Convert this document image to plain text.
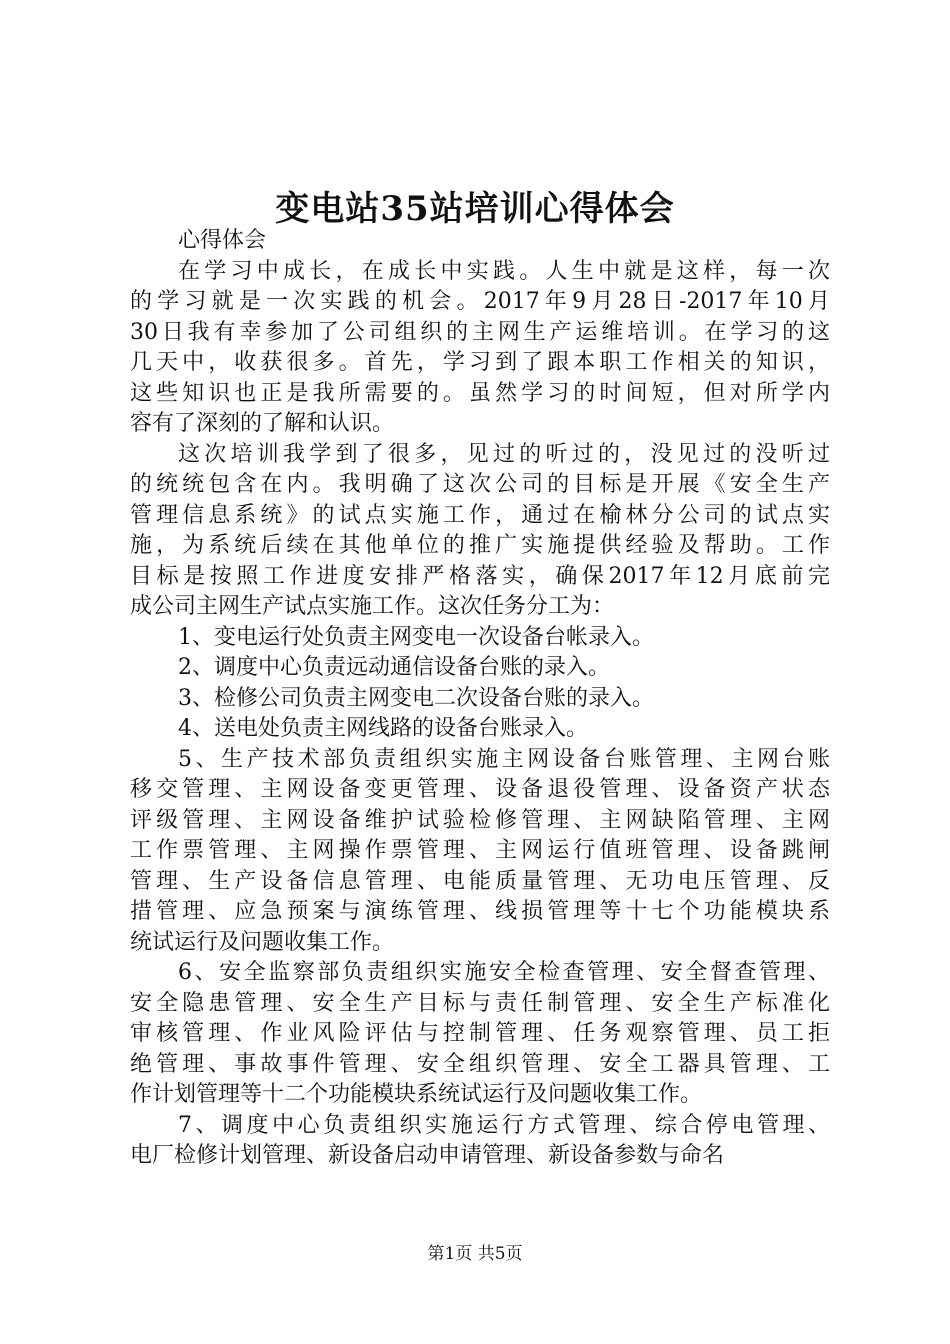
变电站35站培训心得体会
心得体会
在学习中成长，在成长中实践。人生中就是这样，每一次
的学习就是一次实践的机会。2017年9月28日-2017年10月
30日我有幸参加了公司组织的主网生产运维培训。在学习的这
几天中，收获很多。首先，学习到了跟本职工作相关的知识，
这些知识也正是我所需要的。虽然学习的时间短，但对所学内
容有了深刻的了解和认识。
这次培训我学到了很多，见过的听过的，没见过的没听过
的统统包含在内。我明确了这次公司的目标是开展《安全生产
管理信息系统》的试点实施工作，通过在榆林分公司的试点实
施，为系统后续在其他单位的推广实施提供经验及帮助。工作
目标是按照工作进度安排严格落实，确保2017年12月底前完
成公司主网生产试点实施工作。这次任务分工为：
1、变电运行处负责主网变电一次设备台帐录入。
2、调度中心负责远动通信设备台账的录入。
3、检修公司负责主网变电二次设备台账的录入。
4、送电处负责主网线路的设备台账录入。
5、生产技术部负责组织实施主网设备台账管理、主网台账
移交管理、主网设备变更管理、设备退役管理、设备资产状态
评级管理、主网设备维护试验检修管理、主网缺陷管理、主网
工作票管理、主网操作票管理、主网运行值班管理、设备跳闸
管理、生产设备信息管理、电能质量管理、无功电压管理、反
措管理、应急预案与演练管理、线损管理等十七个功能模块系
统试运行及问题收集工作。
6、安全监察部负责组织实施安全检查管理、安全督查管理、
安全隐患管理、安全生产目标与责任制管理、安全生产标准化
审核管理、作业风险评估与控制管理、任务观察管理、员工拒
绝管理、事故事件管理、安全组织管理、安全工器具管理、工
作计划管理等十二个功能模块系统试运行及问题收集工作。
7、调度中心负责组织实施运行方式管理、综合停电管理、
电厂检修计划管理、新设备启动申请管理、新设备参数与命名
第1页 共5页
